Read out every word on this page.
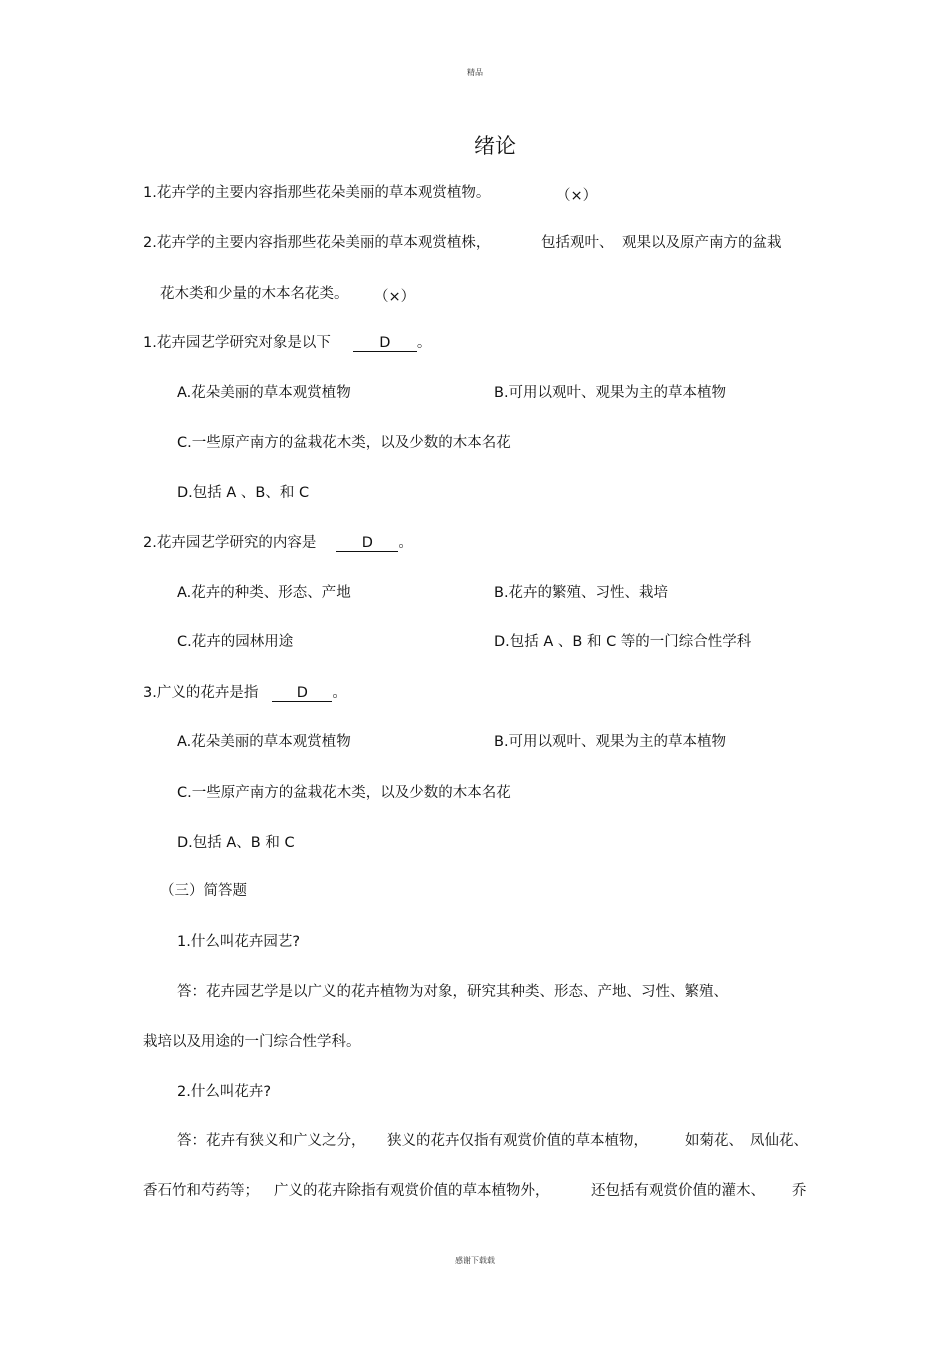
精品
绪论
1.花卉学的主要内容指那些花朵美丽的草本观赏植物。	（×）
2.花卉学的主要内容指那些花朵美丽的草本观赏植株，	包括观叶、 观果以及原产南方的盆栽
花木类和少量的木本名花类。 （×）
1.花卉园艺学研究对象是以下	D 。
A.花朵美丽的草本观赏植物	B.可用以观叶、观果为主的草本植物
C.一些原产南方的盆栽花木类，以及少数的木本名花
D.包括 A 、B、和 C
2.花卉园艺学研究的内容是	D 。
A.花卉的种类、形态、产地	B.花卉的繁殖、习性、栽培
C.花卉的园林用途	D.包括 A 、B 和 C 等的一门综合性学科
3.广义的花卉是指	D 。
A.花朵美丽的草本观赏植物	B.可用以观叶、观果为主的草本植物
C.一些原产南方的盆栽花木类，以及少数的木本名花
D.包括 A、B 和 C
（三）简答题
1.什么叫花卉园艺?
答：花卉园艺学是以广义的花卉植物为对象，研究其种类、形态、产地、习性、繁殖、
栽培以及用途的一门综合性学科。
2.什么叫花卉?
答：花卉有狭义和广义之分， 狭义的花卉仅指有观赏价值的草本植物，	如菊花、 凤仙花、
香石竹和芍药等； 广义的花卉除指有观赏价值的草本植物外，	还包括有观赏价值的灌木、 乔
感谢下载载
